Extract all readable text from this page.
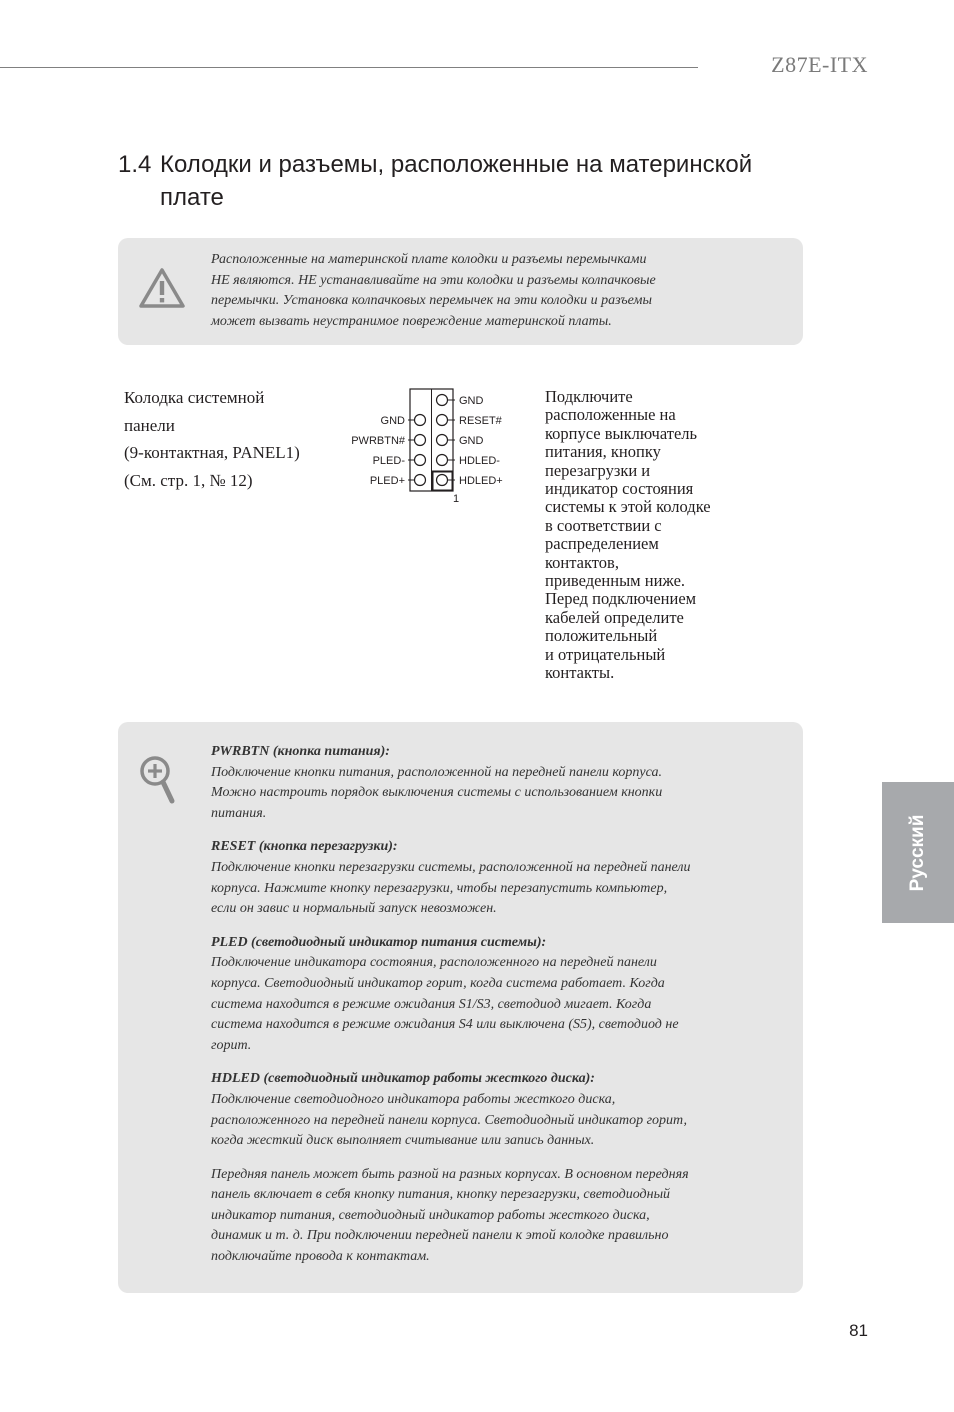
Z87E-ITX
1.4 Колодки и разъемы, расположенные на материнской плате
Расположенные на материнской плате колодки и разъемы перемычками
НЕ являются. НЕ устанавливайте на эти колодки и разъемы колпачковые
перемычки. Установка колпачковых перемычек на эти колодки и разъемы
может вызвать неустранимое повреждение материнской платы.
Колодка системной
панели
(9-контактная, PANEL1)
(См. стр. 1, № 12)
GND
PWRBTN#
PLED-
PLED+
GND
RESET#
GND
HDLED-
HDLED+
1
Подключите
расположенные на
корпусе выключатель
питания, кнопку
перезагрузки и
индикатор состояния
системы к этой колодке
в соответствии с
распределением
контактов,
приведенным ниже.
Перед подключением
кабелей определите
положительный
и отрицательный
контакты.
PWRBTN (кнопка питания):
Подключение кнопки питания, расположенной на передней панели корпуса.
Можно настроить порядок выключения системы с использованием кнопки
питания.
RESET (кнопка перезагрузки):
Подключение кнопки перезагрузки системы, расположенной на передней панели
корпуса. Нажмите кнопку перезагрузки, чтобы перезапустить компьютер,
если он завис и нормальный запуск невозможен.
PLED (светодиодный индикатор питания системы):
Подключение индикатора состояния, расположенного на передней панели
корпуса. Светодиодный индикатор горит, когда система работает. Когда
система находится в режиме ожидания S1/S3, светодиод мигает. Когда
система находится в режиме ожидания S4 или выключена (S5), светодиод не
горит.
HDLED (светодиодный индикатор работы жесткого диска):
Подключение светодиодного индикатора работы жесткого диска,
расположенного на передней панели корпуса. Светодиодный индикатор горит,
когда жесткий диск выполняет считывание или запись данных.
Передняя панель может быть разной на разных корпусах. В основном передняя
панель включает в себя кнопку питания, кнопку перезагрузки, светодиодный
индикатор питания, светодиодный индикатор работы жесткого диска,
динамик и т. д. При подключении передней панели к этой колодке правильно
подключайте провода к контактам.
Русский
81
